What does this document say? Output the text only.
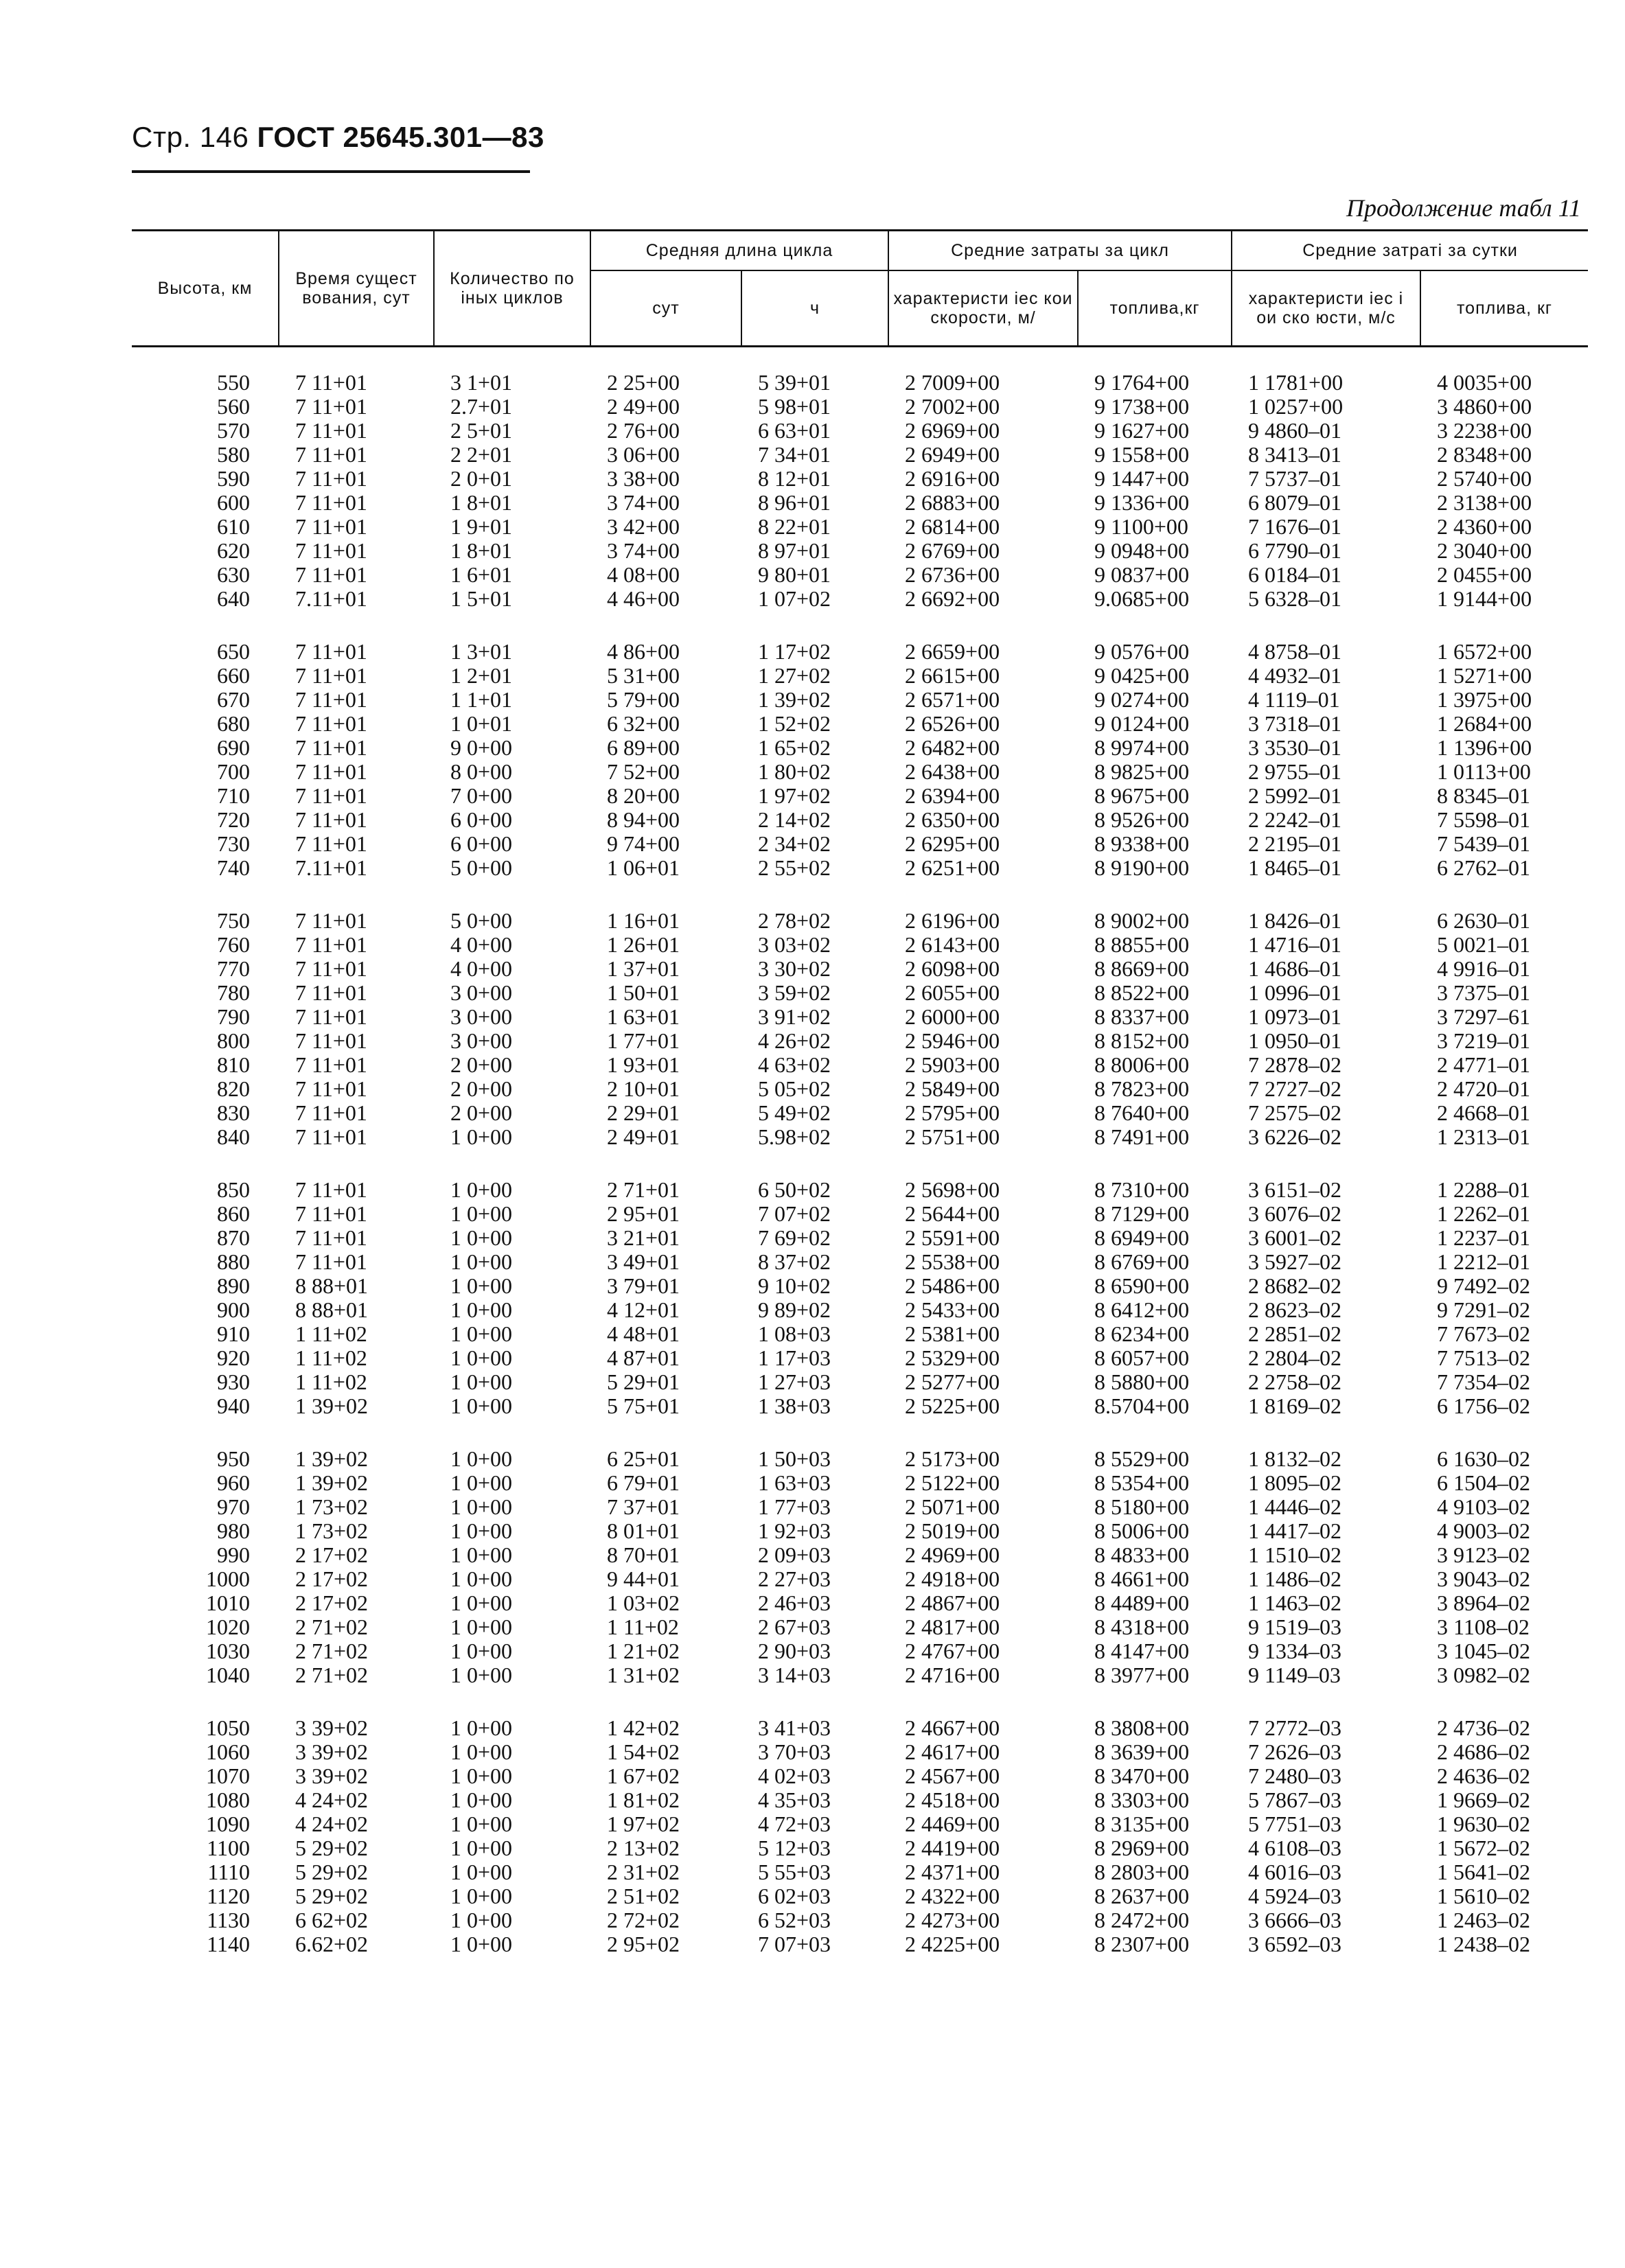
Стр. 146 ГОСТ 25645.301—83
Продолжение табл 11
Высота, км	Время сущест вования, сут	Количество по іных циклов	Средняя длина цикла		Средние затраты за цикл		Средние затраті за сутки	
			сут	ч	характеристи іес кои скорости, м/	топлива,кг	характеристи іес і ои ско юсти, м/с	топлива, кг
550	7 11+01	3 1+01	2 25+00	5 39+01	2 7009+00	9 1764+00	1 1781+00	4 0035+00
560	7 11+01	2.7+01	2 49+00	5 98+01	2 7002+00	9 1738+00	1 0257+00	3 4860+00
570	7 11+01	2 5+01	2 76+00	6 63+01	2 6969+00	9 1627+00	9 4860–01	3 2238+00
580	7 11+01	2 2+01	3 06+00	7 34+01	2 6949+00	9 1558+00	8 3413–01	2 8348+00
590	7 11+01	2 0+01	3 38+00	8 12+01	2 6916+00	9 1447+00	7 5737–01	2 5740+00
600	7 11+01	1 8+01	3 74+00	8 96+01	2 6883+00	9 1336+00	6 8079–01	2 3138+00
610	7 11+01	1 9+01	3 42+00	8 22+01	2 6814+00	9 1100+00	7 1676–01	2 4360+00
620	7 11+01	1 8+01	3 74+00	8 97+01	2 6769+00	9 0948+00	6 7790–01	2 3040+00
630	7 11+01	1 6+01	4 08+00	9 80+01	2 6736+00	9 0837+00	6 0184–01	2 0455+00
640	7.11+01	1 5+01	4 46+00	1 07+02	2 6692+00	9.0685+00	5 6328–01	1 9144+00
650	7 11+01	1 3+01	4 86+00	1 17+02	2 6659+00	9 0576+00	4 8758–01	1 6572+00
660	7 11+01	1 2+01	5 31+00	1 27+02	2 6615+00	9 0425+00	4 4932–01	1 5271+00
670	7 11+01	1 1+01	5 79+00	1 39+02	2 6571+00	9 0274+00	4 1119–01	1 3975+00
680	7 11+01	1 0+01	6 32+00	1 52+02	2 6526+00	9 0124+00	3 7318–01	1 2684+00
690	7 11+01	9 0+00	6 89+00	1 65+02	2 6482+00	8 9974+00	3 3530–01	1 1396+00
700	7 11+01	8 0+00	7 52+00	1 80+02	2 6438+00	8 9825+00	2 9755–01	1 0113+00
710	7 11+01	7 0+00	8 20+00	1 97+02	2 6394+00	8 9675+00	2 5992–01	8 8345–01
720	7 11+01	6 0+00	8 94+00	2 14+02	2 6350+00	8 9526+00	2 2242–01	7 5598–01
730	7 11+01	6 0+00	9 74+00	2 34+02	2 6295+00	8 9338+00	2 2195–01	7 5439–01
740	7.11+01	5 0+00	1 06+01	2 55+02	2 6251+00	8 9190+00	1 8465–01	6 2762–01
750	7 11+01	5 0+00	1 16+01	2 78+02	2 6196+00	8 9002+00	1 8426–01	6 2630–01
760	7 11+01	4 0+00	1 26+01	3 03+02	2 6143+00	8 8855+00	1 4716–01	5 0021–01
770	7 11+01	4 0+00	1 37+01	3 30+02	2 6098+00	8 8669+00	1 4686–01	4 9916–01
780	7 11+01	3 0+00	1 50+01	3 59+02	2 6055+00	8 8522+00	1 0996–01	3 7375–01
790	7 11+01	3 0+00	1 63+01	3 91+02	2 6000+00	8 8337+00	1 0973–01	3 7297–61
800	7 11+01	3 0+00	1 77+01	4 26+02	2 5946+00	8 8152+00	1 0950–01	3 7219–01
810	7 11+01	2 0+00	1 93+01	4 63+02	2 5903+00	8 8006+00	7 2878–02	2 4771–01
820	7 11+01	2 0+00	2 10+01	5 05+02	2 5849+00	8 7823+00	7 2727–02	2 4720–01
830	7 11+01	2 0+00	2 29+01	5 49+02	2 5795+00	8 7640+00	7 2575–02	2 4668–01
840	7 11+01	1 0+00	2 49+01	5.98+02	2 5751+00	8 7491+00	3 6226–02	1 2313–01
850	7 11+01	1 0+00	2 71+01	6 50+02	2 5698+00	8 7310+00	3 6151–02	1 2288–01
860	7 11+01	1 0+00	2 95+01	7 07+02	2 5644+00	8 7129+00	3 6076–02	1 2262–01
870	7 11+01	1 0+00	3 21+01	7 69+02	2 5591+00	8 6949+00	3 6001–02	1 2237–01
880	7 11+01	1 0+00	3 49+01	8 37+02	2 5538+00	8 6769+00	3 5927–02	1 2212–01
890	8 88+01	1 0+00	3 79+01	9 10+02	2 5486+00	8 6590+00	2 8682–02	9 7492–02
900	8 88+01	1 0+00	4 12+01	9 89+02	2 5433+00	8 6412+00	2 8623–02	9 7291–02
910	1 11+02	1 0+00	4 48+01	1 08+03	2 5381+00	8 6234+00	2 2851–02	7 7673–02
920	1 11+02	1 0+00	4 87+01	1 17+03	2 5329+00	8 6057+00	2 2804–02	7 7513–02
930	1 11+02	1 0+00	5 29+01	1 27+03	2 5277+00	8 5880+00	2 2758–02	7 7354–02
940	1 39+02	1 0+00	5 75+01	1 38+03	2 5225+00	8.5704+00	1 8169–02	6 1756–02
950	1 39+02	1 0+00	6 25+01	1 50+03	2 5173+00	8 5529+00	1 8132–02	6 1630–02
960	1 39+02	1 0+00	6 79+01	1 63+03	2 5122+00	8 5354+00	1 8095–02	6 1504–02
970	1 73+02	1 0+00	7 37+01	1 77+03	2 5071+00	8 5180+00	1 4446–02	4 9103–02
980	1 73+02	1 0+00	8 01+01	1 92+03	2 5019+00	8 5006+00	1 4417–02	4 9003–02
990	2 17+02	1 0+00	8 70+01	2 09+03	2 4969+00	8 4833+00	1 1510–02	3 9123–02
1000	2 17+02	1 0+00	9 44+01	2 27+03	2 4918+00	8 4661+00	1 1486–02	3 9043–02
1010	2 17+02	1 0+00	1 03+02	2 46+03	2 4867+00	8 4489+00	1 1463–02	3 8964–02
1020	2 71+02	1 0+00	1 11+02	2 67+03	2 4817+00	8 4318+00	9 1519–03	3 1108–02
1030	2 71+02	1 0+00	1 21+02	2 90+03	2 4767+00	8 4147+00	9 1334–03	3 1045–02
1040	2 71+02	1 0+00	1 31+02	3 14+03	2 4716+00	8 3977+00	9 1149–03	3 0982–02
1050	3 39+02	1 0+00	1 42+02	3 41+03	2 4667+00	8 3808+00	7 2772–03	2 4736–02
1060	3 39+02	1 0+00	1 54+02	3 70+03	2 4617+00	8 3639+00	7 2626–03	2 4686–02
1070	3 39+02	1 0+00	1 67+02	4 02+03	2 4567+00	8 3470+00	7 2480–03	2 4636–02
1080	4 24+02	1 0+00	1 81+02	4 35+03	2 4518+00	8 3303+00	5 7867–03	1 9669–02
1090	4 24+02	1 0+00	1 97+02	4 72+03	2 4469+00	8 3135+00	5 7751–03	1 9630–02
1100	5 29+02	1 0+00	2 13+02	5 12+03	2 4419+00	8 2969+00	4 6108–03	1 5672–02
1110	5 29+02	1 0+00	2 31+02	5 55+03	2 4371+00	8 2803+00	4 6016–03	1 5641–02
1120	5 29+02	1 0+00	2 51+02	6 02+03	2 4322+00	8 2637+00	4 5924–03	1 5610–02
1130	6 62+02	1 0+00	2 72+02	6 52+03	2 4273+00	8 2472+00	3 6666–03	1 2463–02
1140	6.62+02	1 0+00	2 95+02	7 07+03	2 4225+00	8 2307+00	3 6592–03	1 2438–02
